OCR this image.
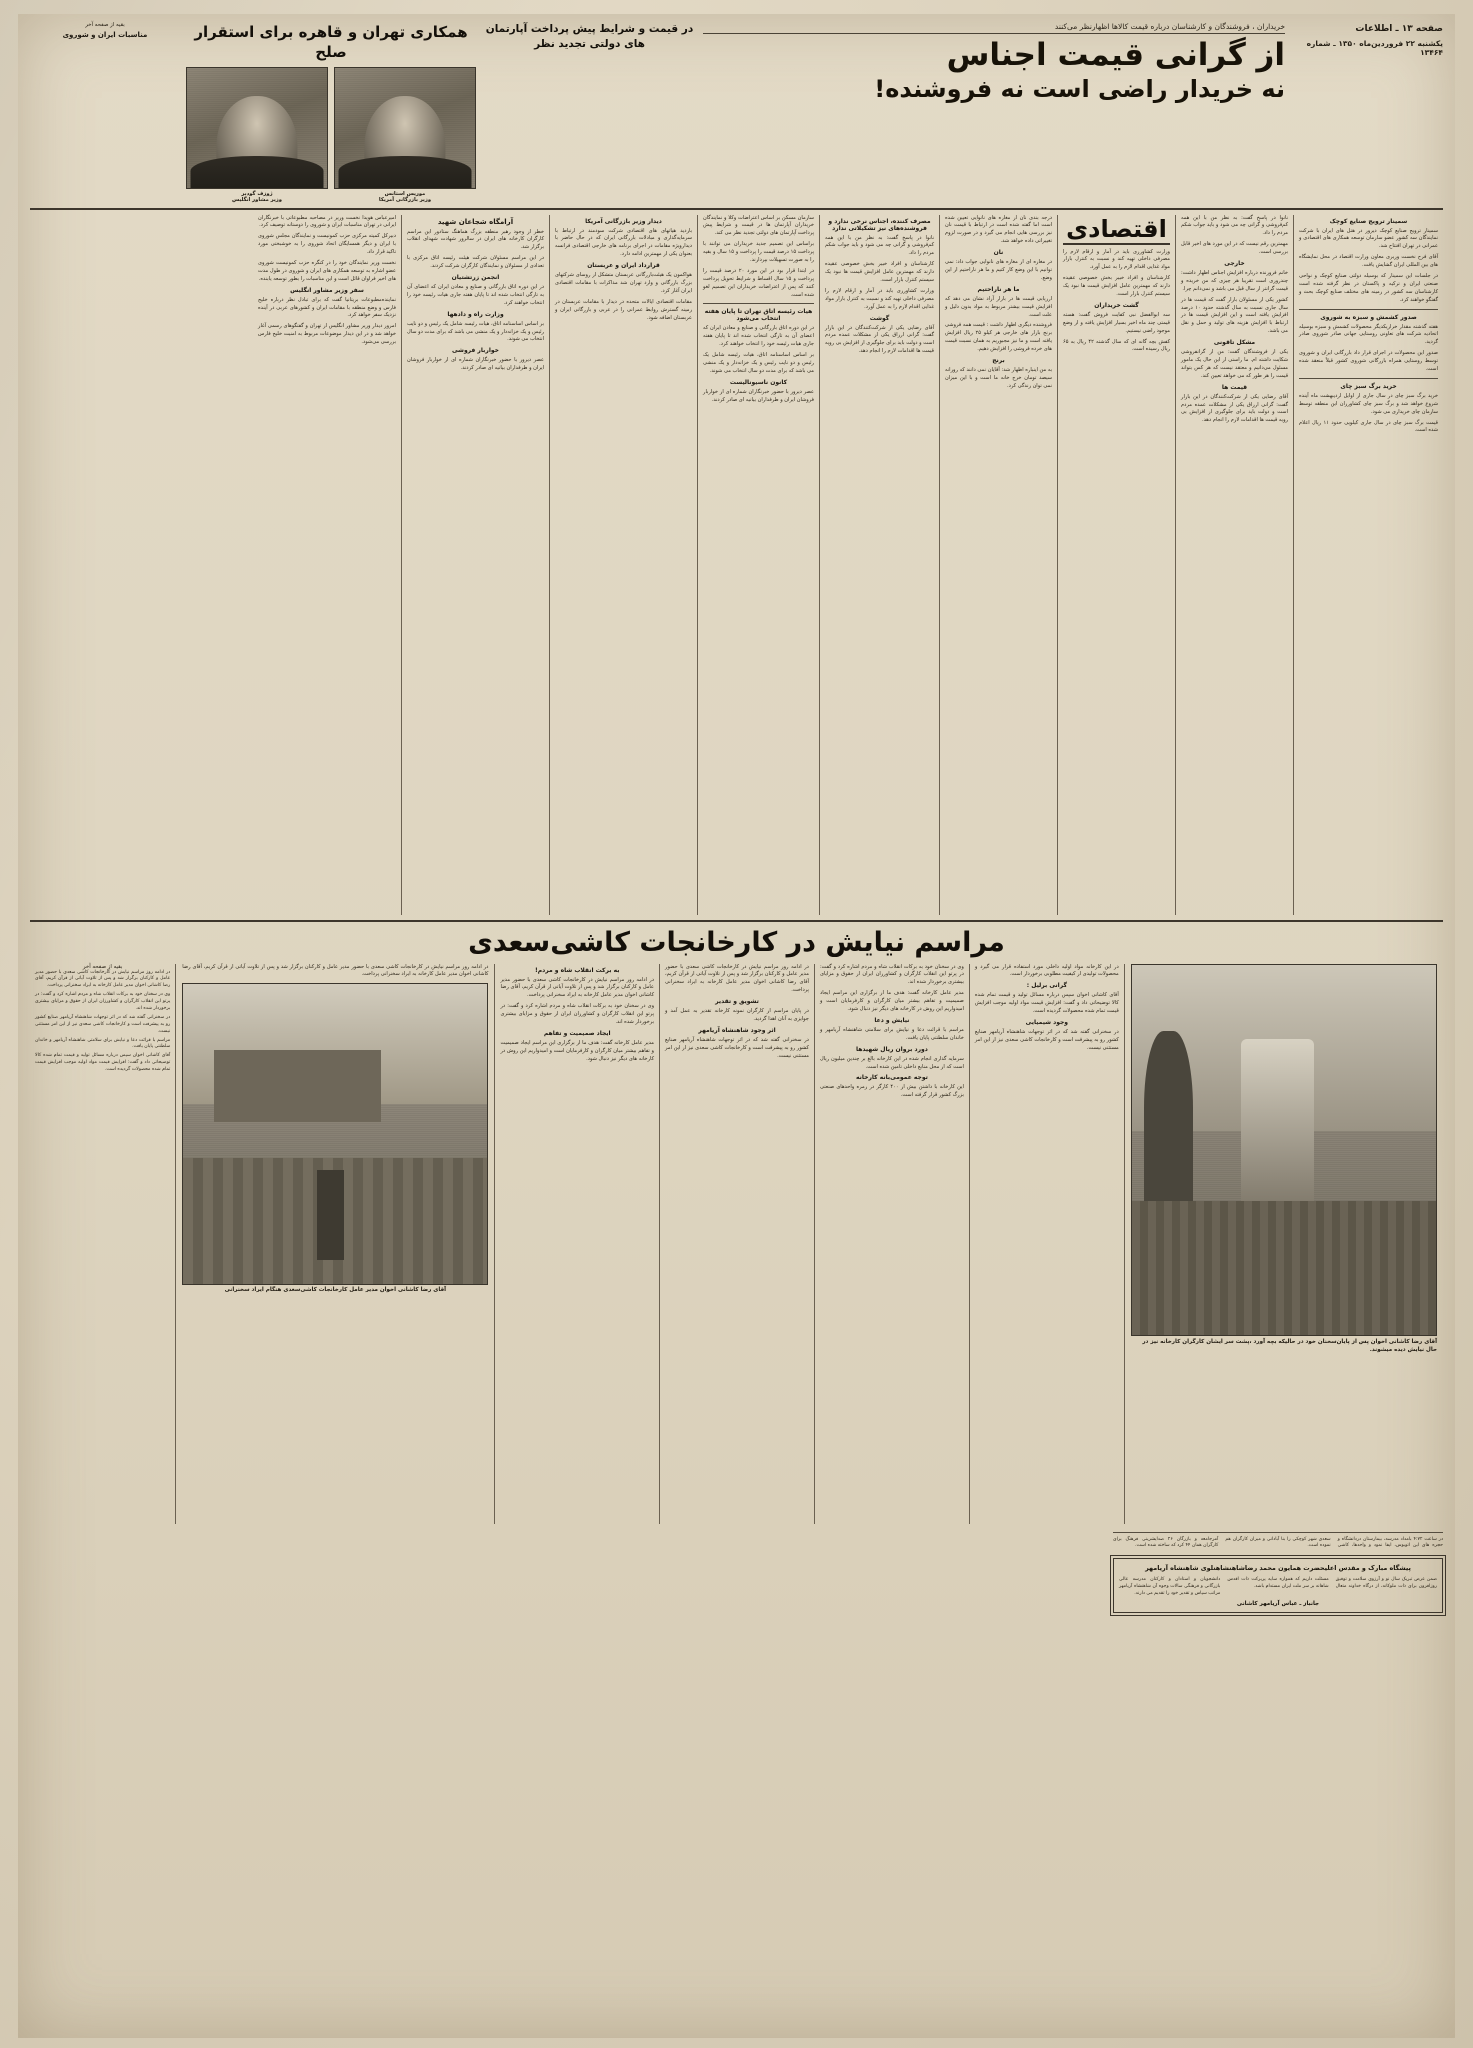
صفحه ۱۳ ـ اطلاعات
یکشنبه ۲۲ فروردین‌ماه ۱۳۵۰ ـ شماره ۱۳۴۶۴
خریداران ، فروشندگان و کارشناسان درباره قیمت کالاها اظهارنظر می‌کنند
از گرانی قیمت اجناس
نه خریدار راضی است نه فروشنده!
در قیمت و شرایط پیش پرداخت آپارتمان های دولتی تجدید نظر
همکاری تهران و قاهره برای استقرار صلح
موریس استانس
وزیر بازرگانی آمریکا
ژوزف گودبر
وزیر مشاور انگلیس
بقیه از صفحه آخر
مناسبات ایران و شوروی
سمینار ترویج صنایع کوچک

سمینار ترویج صنایع کوچک دیروز در هتل های ایران با شرکت نمایندگان سه کشور عضو سازمان توسعه همکاری های اقتصادی و عمرانی در تهران افتتاح شد.

آقای فرح نخست وزیری معاون وزارت اقتصاد در محل نمایشگاه های بین المللی ایران گشایش یافت.

در جلسات این سمینار که بوسیله دولتی صنایع کوچک و نواحی صنعتی ایران و ترکیه و پاکستان در نظر گرفته شده است کارشناسان سه کشور در زمینه های مختلف صنایع کوچک بحث و گفتگو خواهند کرد.

صدور کشمش و سبزه به شوروی

هفته گذشته مقدار خرازیکدیگر محصولات کشمش و سبزه بوسیله اتحادیه شرکت های تعاونی روستایی جهانی صادر شوروی صادر گردید.

صدور این محصولات در اجرای قرار داد بازرگانی ایران و شوروی توسط روستایی همراه بازرگانی شوروی کشور قبلاً منعقد شده است.

خرید برگ سبز چای

خرید برگ سبز چای در سال جاری از اوایل اردیبهشت ماه آینده شروع خواهد شد و برگ سبز چای کشاورزان این منطقه توسط سازمان چای خریداری می شود.

قیمت برگ سبز چای در سال جاری کیلویی حدود ۱۱ ریال اعلام شده است.

نانوا در پاسخ گفت: به نظر من با این همه کم‌فروشی و گرانی چه می شود و باید جواب شکم مردم را داد.

مهمترین رقم نیست که در این مورد های اخیر قابل بررسی است.

خارجی

خانم فروزنده درباره افزایش اجناس اظهار داشت: چندروزی است تقریبا هر چیزی که من خریده و قیمت گرانتر از سال قبل می باشد و نمی‌دانم چرا.

کشور یکی از مسئولان بازار گفت که قیمت ها در سال جاری نسبت به سال گذشته حدود ۱۰ درصد افزایش یافته است و این افزایش قیمت ها در ارتباط با افزایش هزینه های تولید و حمل و نقل می باشد.

مشکل تاقونی

یکی از فروشندگان گفت: من از گرانفروشی شکایت داشته ام. ما راستی از این حال یک مامور مسئول می‌دانیم و معتقد نیست که هر کس بتواند قیمت را هر طور که می خواهد تعیین کند.

قیمت ها

آقای رضایی یکی از شرکت‌کنندگان در این بازار گفت: گرانی ارزاق یکی از مشکلات عمده مردم است و دولت باید برای جلوگیری از افزایش بی رویه قیمت ها اقدامات لازم را انجام دهد.

اقتصادی

وزارت کشاورزی باید در آمار و ارقام لازم را مصرفی داخلی تهیه کند و نسبت به کنترل بازار مواد غذایی اقدام لازم را به عمل آورد.

کارشناسان و افراد خبیر بخش خصوصی عقیده دارند که مهمترین عامل افزایش قیمت ها نبود یک سیستم کنترل بازار است.

گشت خریداران

سه ابوالفضل نبی کفایت فروش گفت: هسته قیمتی چند ماه اخیر بسیار افزایش یافته و از وضع موجود راضی نیستیم.

کفش بچه گانه ای که سال گذشته ۴۲ ریال به ۶۵ ریال رسیده است.

درجه بندی نان از مغازه های نانوایی تعیین شده است اما گفته شده است در ارتباط با قیمت نان نیز بررسی هایی انجام می گیرد و در صورت لزوم تغییراتی داده خواهد شد.

نان

در مغازه ای از مغازه های نانوایی جواب داد: نمی توانیم با این وضع کار کنیم و ما هر ناراحتیم از این وضع.

ما هر ناراحتیم

ارزیابی قیمت ها در بازار آزاد نشان می دهد که افزایش قیمت بیشتر مربوط به مواد بدون دلیل و علت است.

فروشنده دیگری اظهار داشت : قیمت همه فروشی برنج بازار های خارجی هر کیلو ۲۵ ریال افزایش یافته است و ما نیز مجبوریم به همان نسبت قیمت های خرده فروشی را افزایش دهیم.

برنج

به من اینباره اظهار شد: آقایان نمی دانند که روزانه سیصد تومان خرج خانه ما است و با این میزان نمی توان زندگی کرد.

مصرف کننده، اجناس نرخی ندارد و فروشنده‌های نیز تشکیلاتی ندارد

نانوا در پاسخ گفت: به نظر من با این همه کم‌فروشی و گرانی چه می شود و باید جواب شکم مردم را داد.

کارشناسان و افراد خبیر بخش خصوصی عقیده دارند که مهمترین عامل افزایش قیمت ها نبود یک سیستم کنترل بازار است.

وزارت کشاورزی باید در آمار و ارقام لازم را مصرفی داخلی تهیه کند و نسبت به کنترل بازار مواد غذایی اقدام لازم را به عمل آورد.

گوشت

آقای رضایی یکی از شرکت‌کنندگان در این بازار گفت: گرانی ارزاق یکی از مشکلات عمده مردم است و دولت باید برای جلوگیری از افزایش بی رویه قیمت ها اقدامات لازم را انجام دهد.

سازمان مسکن بر اساس اعتراضات وکلا و نمایندگان خریداران آپارتمان ها در قیمت و شرایط پیش پرداخت آپارتمان های دولتی تجدید نظر می کند.

براساس این تصمیم جدید خریداران می توانند با پرداخت ۱۵ درصد قیمت را پرداخت و ۱۵ سال و بقیه را به صورت تسهیلات بپردازند.

در ابتدا قرار بود در این مورد ۲۰ درصد قیمت را پرداخت و ۱۵ سال اقساط و شرایط تحویل پرداخت کنند که پس از اعتراضات خریداران این تصمیم لغو شده است.

هیات رئیسه اتاق تهران تا پایان هفته انتخاب می‌شود

در این دوره اتاق بازرگانی و صنایع و معادن ایران که اعضای آن به تازگی انتخاب شده اند تا پایان هفته جاری هیات رئیسه خود را انتخاب خواهند کرد.

بر اساس اساسنامه اتاق، هیات رئیسه شامل یک رئیس و دو نایب رئیس و یک خزانه‌دار و یک منشی می باشد که برای مدت دو سال انتخاب می شوند.

کانون ناسیونالیست

عصر دیروز با حضور خبرنگاران شماره ای از خواربار فروشان ایران و طرفداران بیانیه ای صادر کردند.

دیدار وزیر بازرگانی آمریکا

بازدید هیاتهای های اقتصادی شرکت سودمند در ارتباط با سرمایه‌گذاری و مبادلات بازرگانی ایران که در حال حاضر با دیدارویژه مقامات در اجرای برنامه های خارجی اقتصادی فرانسه بعنوان یکی از مهمترین ادامه دارد.

قرارداد ایران و عربستان

هواکمون یک هیئت‌بازرگانی عربستان متشکل از روسای شرکتهای بزرگ بازرگانی و وارد تهران شد مذاکرات با مقامات اقتصادی ایران آغاز کرد.

مقامات اقتصادی ایالات متحده در دیدار با مقامات عربستان در زمینه گسترش روابط عمرانی را در عربی و بازرگانی ایران و عربستان اضافه شود.

آرامگاه شجاعان شهید

خطر از وجود رهبر منطقه بزرگ هماهنگ ستادور این مراسم کارگران کارخانه های ایران در سالروز شهادت شهدای انقلاب برگزار شد.

در این مراسم مسئولان شرکت هیئت رئیسه اتاق مرکزی با تعدادی از مسئولان و نمایندگان کارگران شرکت کردند.

انجمن زرتشتیان

در این دوره اتاق بازرگانی و صنایع و معادن ایران که اعضای آن به تازگی انتخاب شده اند تا پایان هفته جاری هیات رئیسه خود را انتخاب خواهند کرد.

وزارت راه و دادهها

بر اساس اساسنامه اتاق، هیات رئیسه شامل یک رئیس و دو نایب رئیس و یک خزانه‌دار و یک منشی می باشد که برای مدت دو سال انتخاب می شوند.

خواربار فروشی

عصر دیروز با حضور خبرنگاران شماره ای از خواربار فروشان ایران و طرفداران بیانیه ای صادر کردند.

امیرعباس هویدا نخست وزیر در مصاحبه مطبوعاتی با خبرنگاران ایرانی در تهران مناسبات ایران و شوروی را دوستانه توصیف کرد.

دبیرکل کمیته مرکزی حزب کمونیست و نمایندگان مجلس شوروی با ایران و دیگر همسایگان اتحاد شوروی را به خوشبختی مورد تاکید قرار داد.

نخست وزیر نمایندگان خود را در کنگره حزب کمونیست شوروی عضو اشاره به توسعه همکاری های ایران و شوروی در طول مدت های اخیر فراوان قائل است و این مناسبات را بطور توسعه یابنده.

سفر وزیر مشاور انگلیس

نماینده‌مطبوعات بریتانیا گفت که برای تبادل نظر درباره خلیج فارس و وضع منطقه با مقامات ایران و کشورهای عربی در آینده نزدیک سفر خواهد کرد.

امروز دیدار وزیر مشاور انگلیس از تهران و گفتگوهای رسمی آغاز خواهد شد و در این دیدار موضوعات مربوط به امنیت خلیج فارس بررسی می‌شود.

مراسم نیایش در کارخانجات کاشی‌سعدی
آقای رضا کاشانی اخوان پس از پایان‌سخنان خود در حالیکه بچه آورد ،پشت سر ایشان کارگران کارخانه نیز در حال نیایش دیده میشوند.

در این کارخانه مواد اولیه داخلی مورد استفاده قرار می گیرد و محصولات تولیدی از کیفیت مطلوبی برخوردار است.

گرانی برلیل :

آقای کاشانی اخوان سپس درباره مسائل تولید و قیمت تمام شده کالا توضیحاتی داد و گفت: افزایش قیمت مواد اولیه موجب افزایش قیمت تمام شده محصولات گردیده است.

وجود شیمیایی

در سخنرانی گفته شد که در اثر توجهات شاهنشاه آریامهر صنایع کشور رو به پیشرفت است و کارخانجات کاشی سعدی نیز از این امر مستثنی نیست.

وی در سخنان خود به برکات انقلاب شاه و مردم اشاره کرد و گفت: در پرتو این انقلاب کارگران و کشاورزان ایران از حقوق و مزایای بیشتری برخوردار شده اند.

مدیر عامل کارخانه گفت: هدف ما از برگزاری این مراسم ایجاد صمیمیت و تفاهم بیشتر میان کارگران و کارفرمایان است و امیدواریم این روش در کارخانه های دیگر نیز دنبال شود.

نیایش و دعا

مراسم با قرائت دعا و نیایش برای سلامتی شاهنشاه آریامهر و خاندان سلطنتی پایان یافت.

دورد بروان ریال شهیدها

سرمایه گذاری انجام شده در این کارخانه بالغ بر چندین میلیون ریال است که از محل منابع داخلی تامین شده است.

توجه عمومی‌بانه کارخانه

این کارخانه با داشتن بیش از ۴۰۰ کارگر در زمره واحدهای صنعتی بزرگ کشور قرار گرفته است.

در ادامه روز مراسم نیایش در کارخانجات کاشی سعدی با حضور مدیر عامل و کارکنان برگزار شد و پس از تلاوت آیاتی از قرآن کریم، آقای رضا کاشانی اخوان مدیر عامل کارخانه به ایراد سخنرانی پرداخت.

تشویق و تقدیر

در پایان مراسم از کارگران نمونه کارخانه تقدیر به عمل آمد و جوایزی به آنان اهدا گردید.

اثر وجود شاهنشاه آریامهر

در سخنرانی گفته شد که در اثر توجهات شاهنشاه آریامهر صنایع کشور رو به پیشرفت است و کارخانجات کاشی سعدی نیز از این امر مستثنی نیست.

به برکت انقلاب شاه و مردم!

در ادامه روز مراسم نیایش در کارخانجات کاشی سعدی با حضور مدیر عامل و کارکنان برگزار شد و پس از تلاوت آیاتی از قرآن کریم، آقای رضا کاشانی اخوان مدیر عامل کارخانه به ایراد سخنرانی پرداخت.

وی در سخنان خود به برکات انقلاب شاه و مردم اشاره کرد و گفت: در پرتو این انقلاب کارگران و کشاورزان ایران از حقوق و مزایای بیشتری برخوردار شده اند.

ایجاد صمیمیت و تفاهم

مدیر عامل کارخانه گفت: هدف ما از برگزاری این مراسم ایجاد صمیمیت و تفاهم بیشتر میان کارگران و کارفرمایان است و امیدواریم این روش در کارخانه های دیگر نیز دنبال شود.

در ادامه روز مراسم نیایش در کارخانجات کاشی سعدی با حضور مدیر عامل و کارکنان برگزار شد و پس از تلاوت آیاتی از قرآن کریم، آقای رضا کاشانی اخوان مدیر عامل کارخانه به ایراد سخنرانی پرداخت.

آقای رضا کاشانی اخوان مدیر عامل کارخانجات کاشی‌سعدی هنگام ایراد سخنرانی
بقیه از صفحه آخر

در ادامه روز مراسم نیایش در کارخانجات کاشی سعدی با حضور مدیر عامل و کارکنان برگزار شد و پس از تلاوت آیاتی از قرآن کریم، آقای رضا کاشانی اخوان مدیر عامل کارخانه به ایراد سخنرانی پرداخت.

وی در سخنان خود به برکات انقلاب شاه و مردم اشاره کرد و گفت: در پرتو این انقلاب کارگران و کشاورزان ایران از حقوق و مزایای بیشتری برخوردار شده اند.

در سخنرانی گفته شد که در اثر توجهات شاهنشاه آریامهر صنایع کشور رو به پیشرفت است و کارخانجات کاشی سعدی نیز از این امر مستثنی نیست.

مراسم با قرائت دعا و نیایش برای سلامتی شاهنشاه آریامهر و خاندان سلطنتی پایان یافت.

آقای کاشانی اخوان سپس درباره مسائل تولید و قیمت تمام شده کالا توضیحاتی داد و گفت: افزایش قیمت مواد اولیه موجب افزایش قیمت تمام شده محصولات گردیده است.

در ساعت ۴:۷۲ بامداد مدرسه، بیمارستان دردانشگاه و حجره های این اتوبوس، ایفا نمود و واحدها، کاشی سعدی شهر کوچکی را بنا آبادانی و میزان کارگران هم نموده است.

آمرجامعه و بازرگان ۲۶ صدایشرینی فرهنگ برای کارگران همان ۴۴ کرد که ساخته شده است.

پیشگاه مبارک و مقدس اعلیحضرت همایون محمد رضاشاهنشاهنلوی شاهنشاه آریامهر

ضمن عرض تبریک سال نو و آرزوی سلامت و توفیق روزافزون برای ذات ملوکانه، از درگاه خداوند متعال مسئلت داریم که همواره سایه پربرکت ذات اقدس شاهانه بر سر ملت ایران مستدام باشد.

دانشجویان و استادان و کارکنان مدرسه عالی بازرگانی و فرهنگی سالات وجوه آن شاهنشاه آریامهر مراتب سپاس و تقدیر خود را تقدیم می دارند.

جانباز ـ عباس آریامهر کاشانی
